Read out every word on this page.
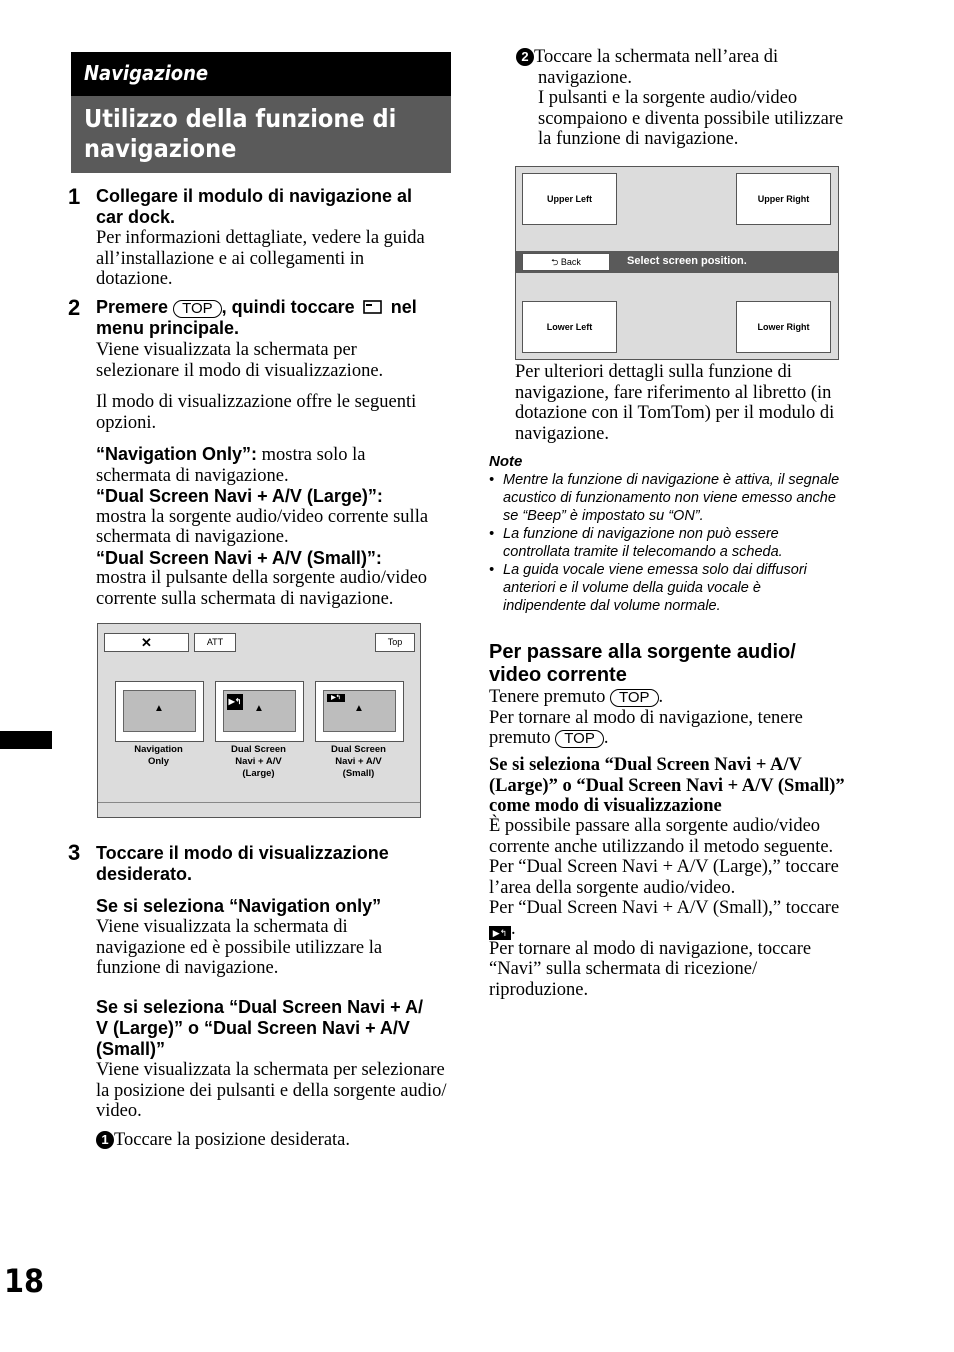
Navigazione
Utilizzo della funzione di
navigazione
1 Collegare il modulo di navigazione al
car dock.
Per informazioni dettagliate, vedere la guida
all’installazione e ai collegamenti in
dotazione.
2 Premere TOP , quindi toccare nel
menu principale.
Viene visualizzata la schermata per
selezionare il modo di visualizzazione.
Il modo di visualizzazione offre le seguenti
opzioni.
“Navigation Only”: mostra solo la
schermata di navigazione.
“Dual Screen Navi + A/V (Large)”:
mostra la sorgente audio/video corrente sulla
schermata di navigazione.
“Dual Screen Navi + A/V (Small)”:
mostra il pulsante della sorgente audio/video
corrente sulla schermata di navigazione.
✕	ATT	Top
▲
Navigation
Only
▶↰
▲
Dual Screen
Navi + A/V
(Large)
▶↰
▲
Dual Screen
Navi + A/V
(Small)
3 Toccare il modo di visualizzazione
desiderato.
Se si seleziona “Navigation only”
Viene visualizzata la schermata di
navigazione ed è possibile utilizzare la
funzione di navigazione.
Se si seleziona “Dual Screen Navi + A/
V (Large)” o “Dual Screen Navi + A/V
(Small)”
Viene visualizzata la schermata per selezionare
la posizione dei pulsanti e della sorgente audio/
video.
1 Toccare la posizione desiderata.
2 Toccare la schermata nell’area di
navigazione.
I pulsanti e la sorgente audio/video
scompaiono e diventa possibile utilizzare
la funzione di navigazione.
Upper Left	Upper Right
⮌ Back	Select screen position.
Lower Left	Lower Right
Per ulteriori dettagli sulla funzione di
navigazione, fare riferimento al libretto (in
dotazione con il TomTom) per il modulo di
navigazione.
Note
• Mentre la funzione di navigazione è attiva, il segnale
acustico di funzionamento non viene emesso anche
se “Beep” è impostato su “ON”.
• La funzione di navigazione non può essere
controllata tramite il telecomando a scheda.
• La guida vocale viene emessa solo dai diffusori
anteriori e il volume della guida vocale è
indipendente dal volume normale.
Per passare alla sorgente audio/
video corrente
Tenere premuto TOP .
Per tornare al modo di navigazione, tenere
premuto TOP .
Se si seleziona “Dual Screen Navi + A/V
(Large)” o “Dual Screen Navi + A/V (Small)”
come modo di visualizzazione
È possibile passare alla sorgente audio/video
corrente anche utilizzando il metodo seguente.
Per “Dual Screen Navi + A/V (Large),” toccare
l’area della sorgente audio/video.
Per “Dual Screen Navi + A/V (Small),” toccare
▶↰ .
Per tornare al modo di navigazione, toccare
“Navi” sulla schermata di ricezione/
riproduzione.
18
